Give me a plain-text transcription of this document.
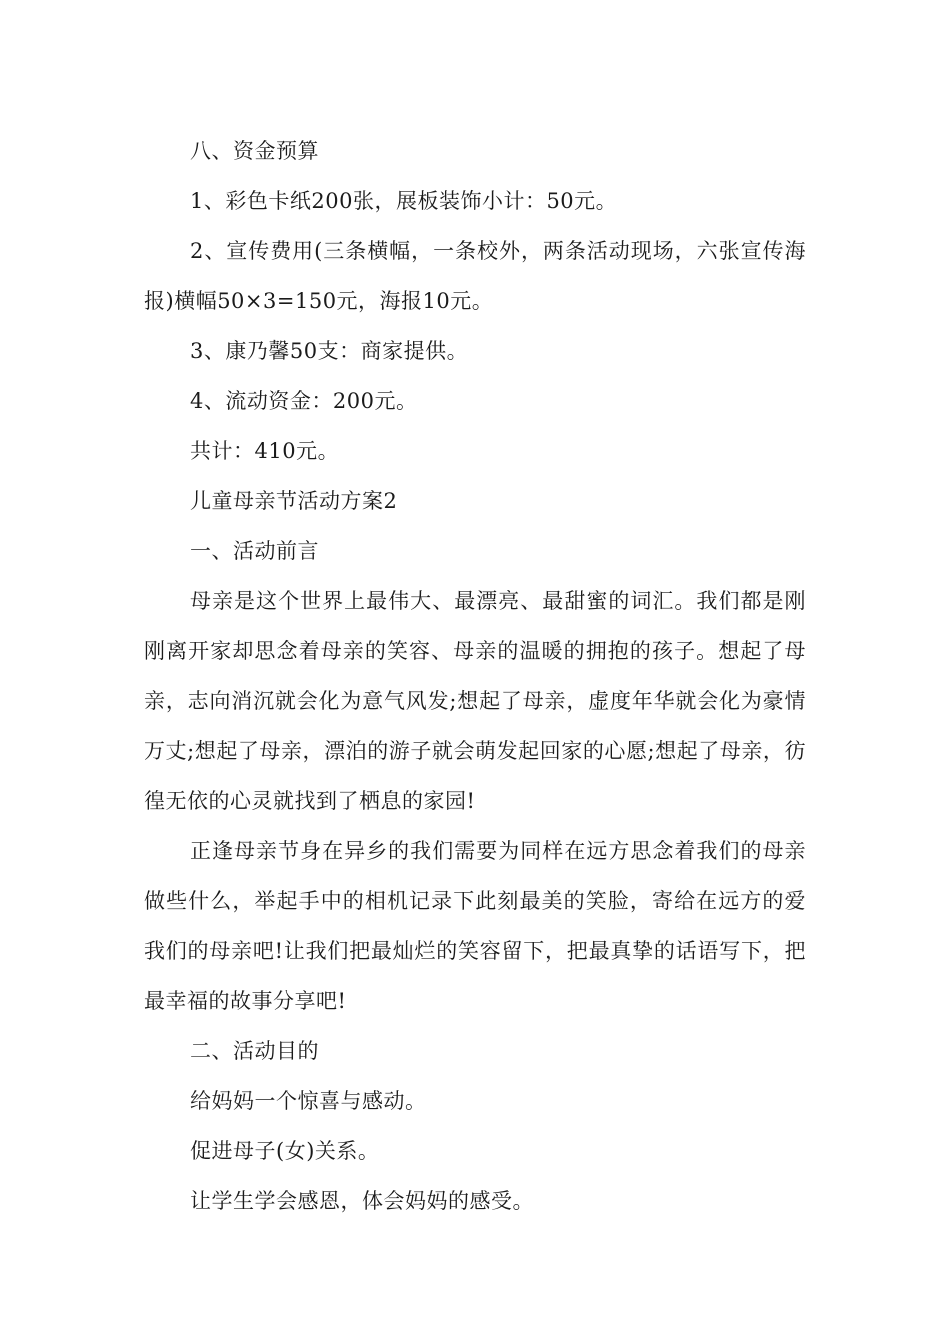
八、资金预算

1、彩色卡纸200张，展板装饰小计：50元。

2、宣传费用(三条横幅，一条校外，两条活动现场，六张宣传海报)横幅50×3=150元，海报10元。

3、康乃馨50支：商家提供。

4、流动资金：200元。

共计：410元。

儿童母亲节活动方案2

一、活动前言

母亲是这个世界上最伟大、最漂亮、最甜蜜的词汇。我们都是刚刚离开家却思念着母亲的笑容、母亲的温暖的拥抱的孩子。想起了母亲，志向消沉就会化为意气风发;想起了母亲，虚度年华就会化为豪情万丈;想起了母亲，漂泊的游子就会萌发起回家的心愿;想起了母亲，彷徨无依的心灵就找到了栖息的家园!

正逢母亲节身在异乡的我们需要为同样在远方思念着我们的母亲做些什么，举起手中的相机记录下此刻最美的笑脸，寄给在远方的爱我们的母亲吧!让我们把最灿烂的笑容留下，把最真挚的话语写下，把最幸福的故事分享吧!

二、活动目的

给妈妈一个惊喜与感动。

促进母子(女)关系。

让学生学会感恩，体会妈妈的感受。
